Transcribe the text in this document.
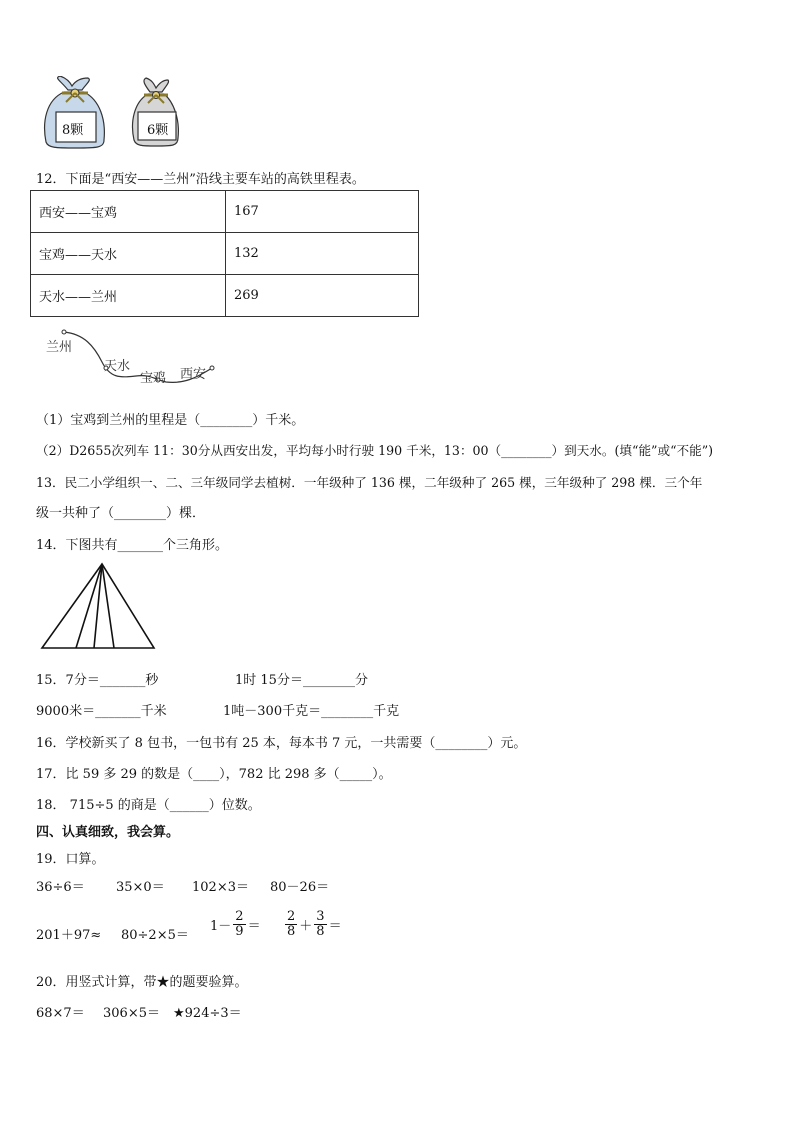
8颗	6颗
12．下面是“西安——兰州”沿线主要车站的高铁里程表。
西安——宝鸡	167
宝鸡——天水	132
天水——兰州	269
兰州
天水
宝鸡 西安
（1）宝鸡到兰州的里程是（________）千米。
（2）D2655次列车 11：30分从西安出发，平均每小时行驶 190 千米，13：00（________）到天水。(填“能”或“不能”)
13．民二小学组织一、二、三年级同学去植树．一年级种了 136 棵，二年级种了 265 棵，三年级种了 298 棵．三个年
级一共种了（________）棵．
14．下图共有_______个三角形。
15．7分＝_______秒	1时 15分＝________分
9000米＝_______千米	1吨－300千克＝________千克
16．学校新买了 8 包书，一包书有 25 本，每本书 7 元，一共需要（________）元。
17．比 59 多 29 的数是（____），782 比 298 多（_____）。
18． 715÷5 的商是（______）位数。
四、认真细致，我会算。
19．口算。
36÷6＝ 35×0＝ 102×3＝ 80－26＝
201＋97≈ 80÷2×5＝
$1- \frac{2}{9} = \frac{2}{8} + \frac{3}{8}$ ＝
20．用竖式计算，带★的题要验算。
68×7＝ 306×5＝ ★924÷3＝
